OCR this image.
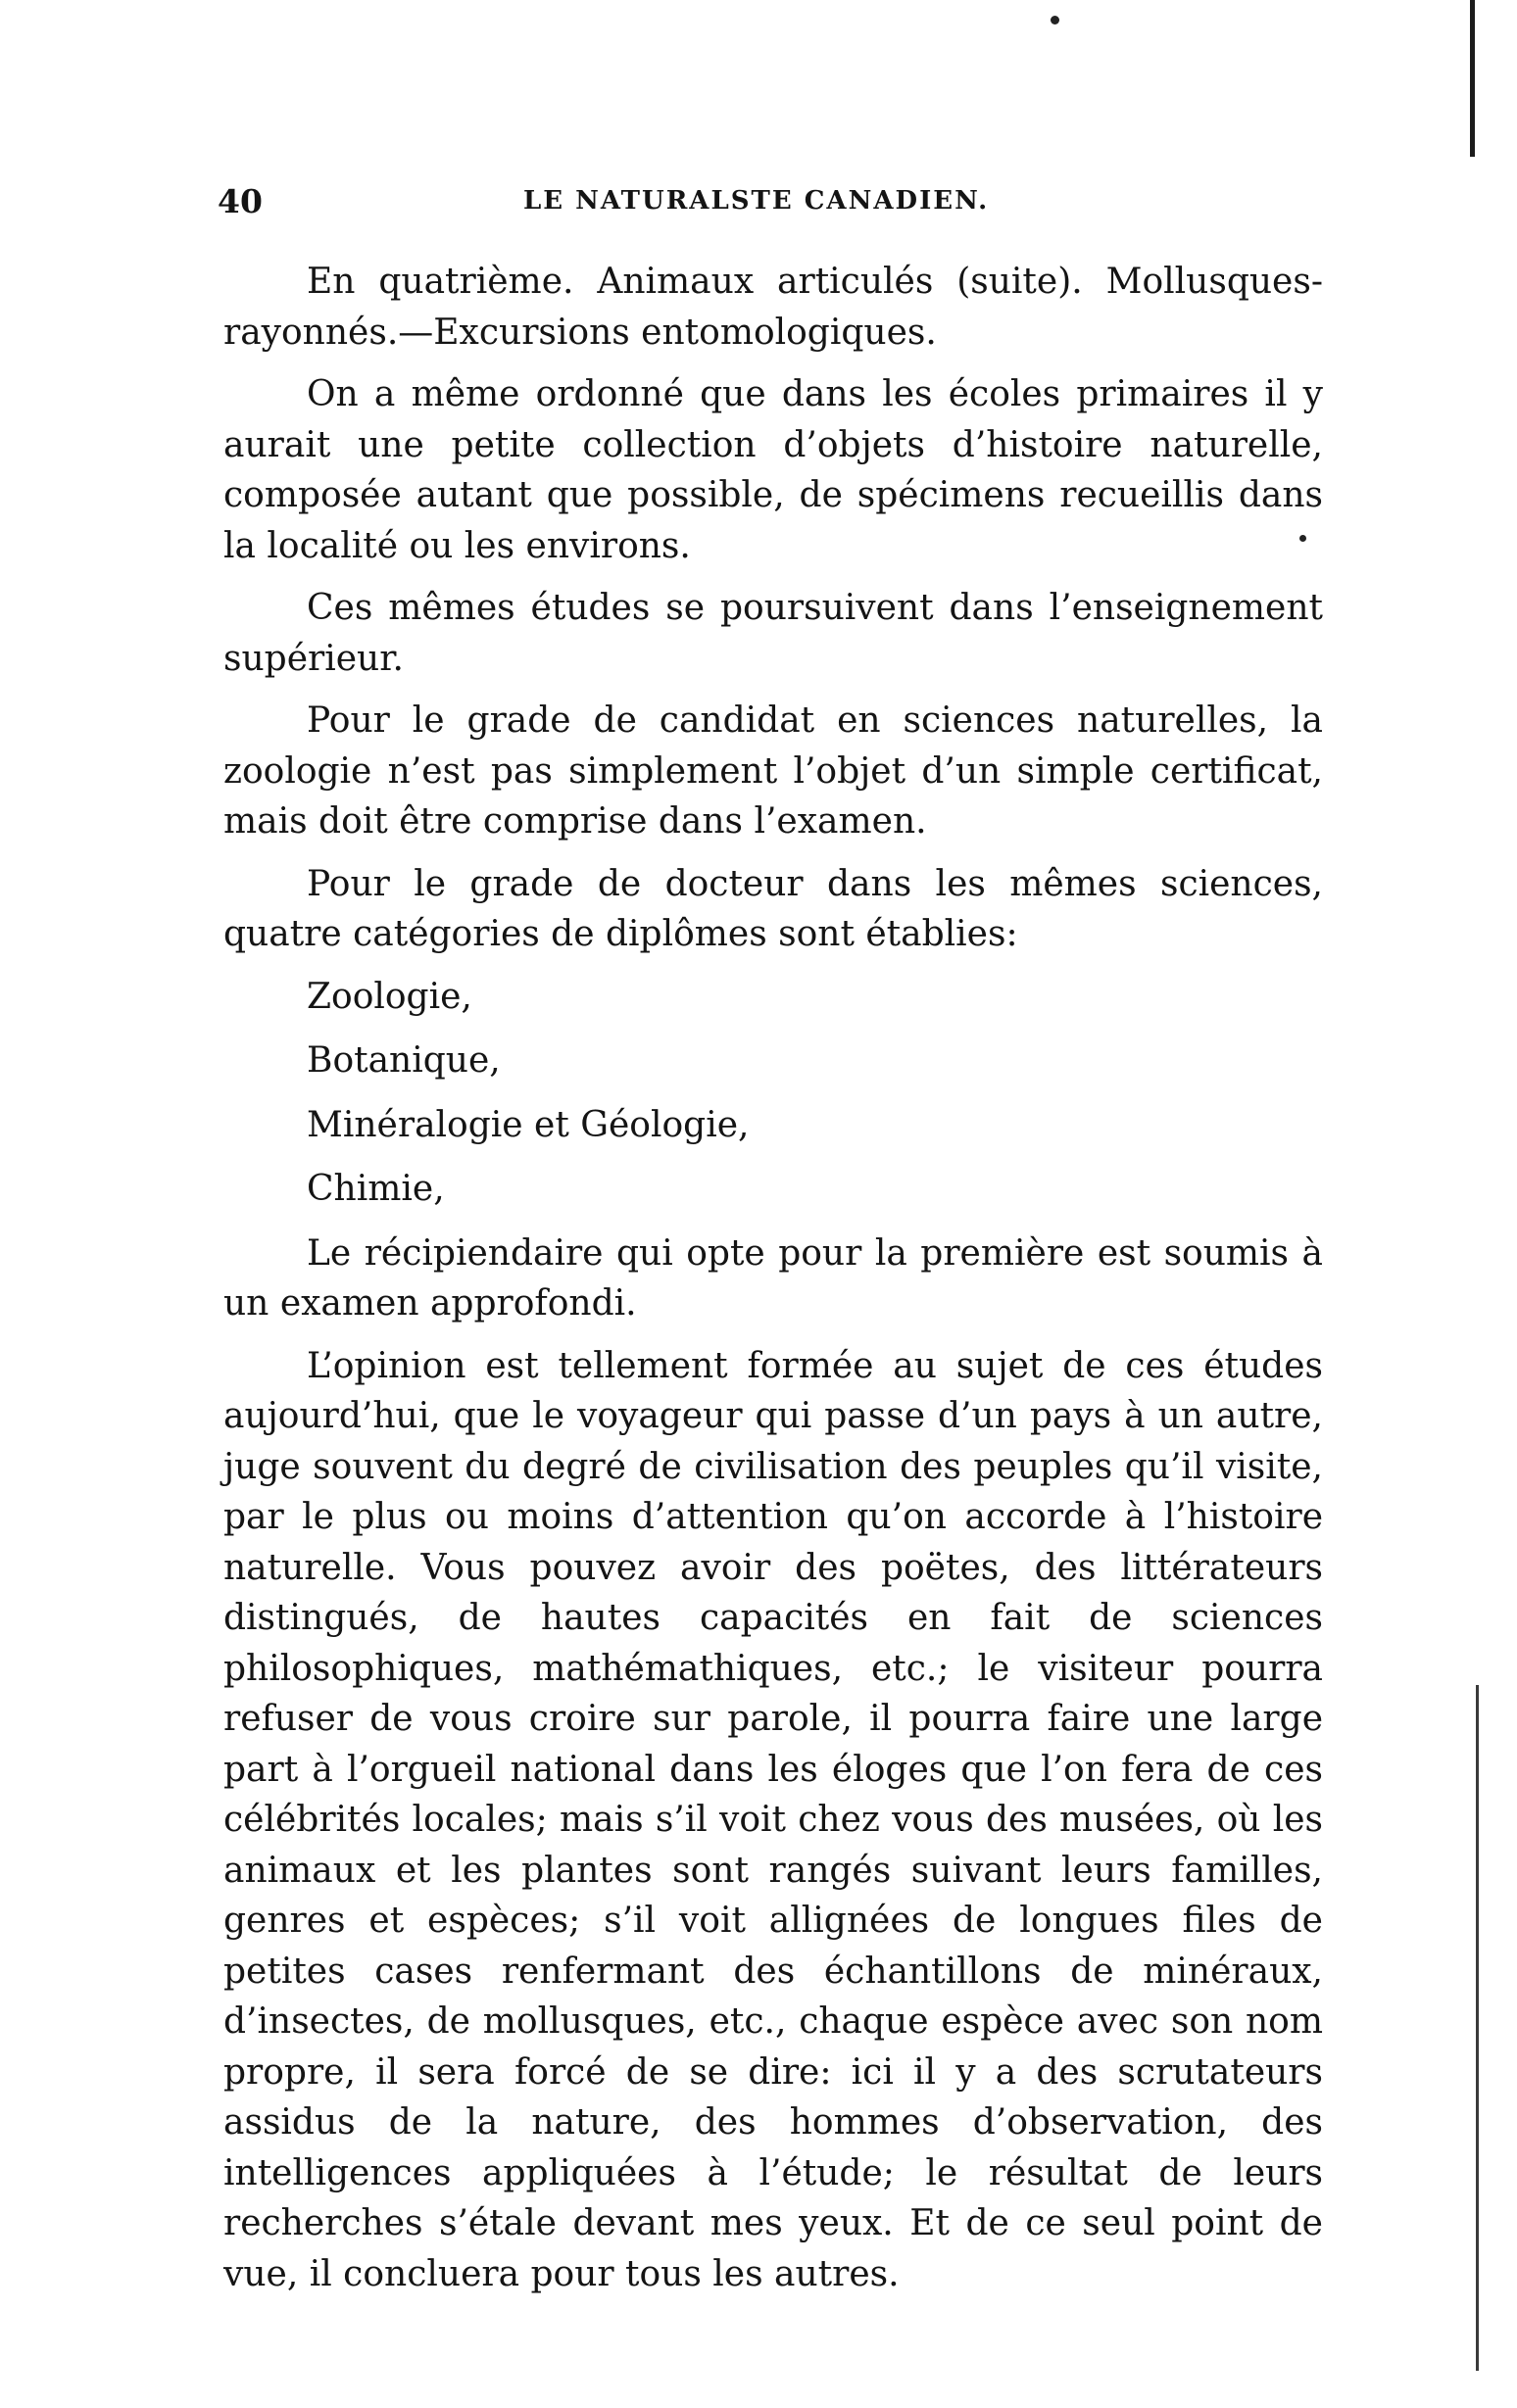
40	LE NATURALSTE CANADIEN.

En quatrième. Animaux articulés (suite). Mollusques-rayonnés.—Excursions entomologiques.

On a même ordonné que dans les écoles primaires il y aurait une petite collection d’objets d’histoire naturelle, composée autant que possible, de spécimens recueillis dans la localité ou les environs.

Ces mêmes études se poursuivent dans l’enseignement supérieur.

Pour le grade de candidat en sciences naturelles, la zoologie n’est pas simplement l’objet d’un simple certificat, mais doit être comprise dans l’examen.

Pour le grade de docteur dans les mêmes sciences, quatre catégories de diplômes sont établies:

Zoologie,
Botanique,
Minéralogie et Géologie,
Chimie,

Le récipiendaire qui opte pour la première est soumis à un examen approfondi.

L’opinion est tellement formée au sujet de ces études aujourd’hui, que le voyageur qui passe d’un pays à un autre, juge souvent du degré de civilisation des peuples qu’il visite, par le plus ou moins d’attention qu’on accorde à l’histoire naturelle. Vous pouvez avoir des poëtes, des littérateurs distingués, de hautes capacités en fait de sciences philosophiques, mathémathiques, etc.; le visiteur pourra refuser de vous croire sur parole, il pourra faire une large part à l’orgueil national dans les éloges que l’on fera de ces célébrités locales; mais s’il voit chez vous des musées, où les animaux et les plantes sont rangés suivant leurs familles, genres et espèces; s’il voit allignées de longues files de petites cases renfermant des échantillons de minéraux, d’insectes, de mollusques, etc., chaque espèce avec son nom propre, il sera forcé de se dire: ici il y a des scrutateurs assidus de la nature, des hommes d’observation, des intelligences appliquées à l’étude; le résultat de leurs recherches s’étale devant mes yeux. Et de ce seul point de vue, il concluera pour tous les autres.
